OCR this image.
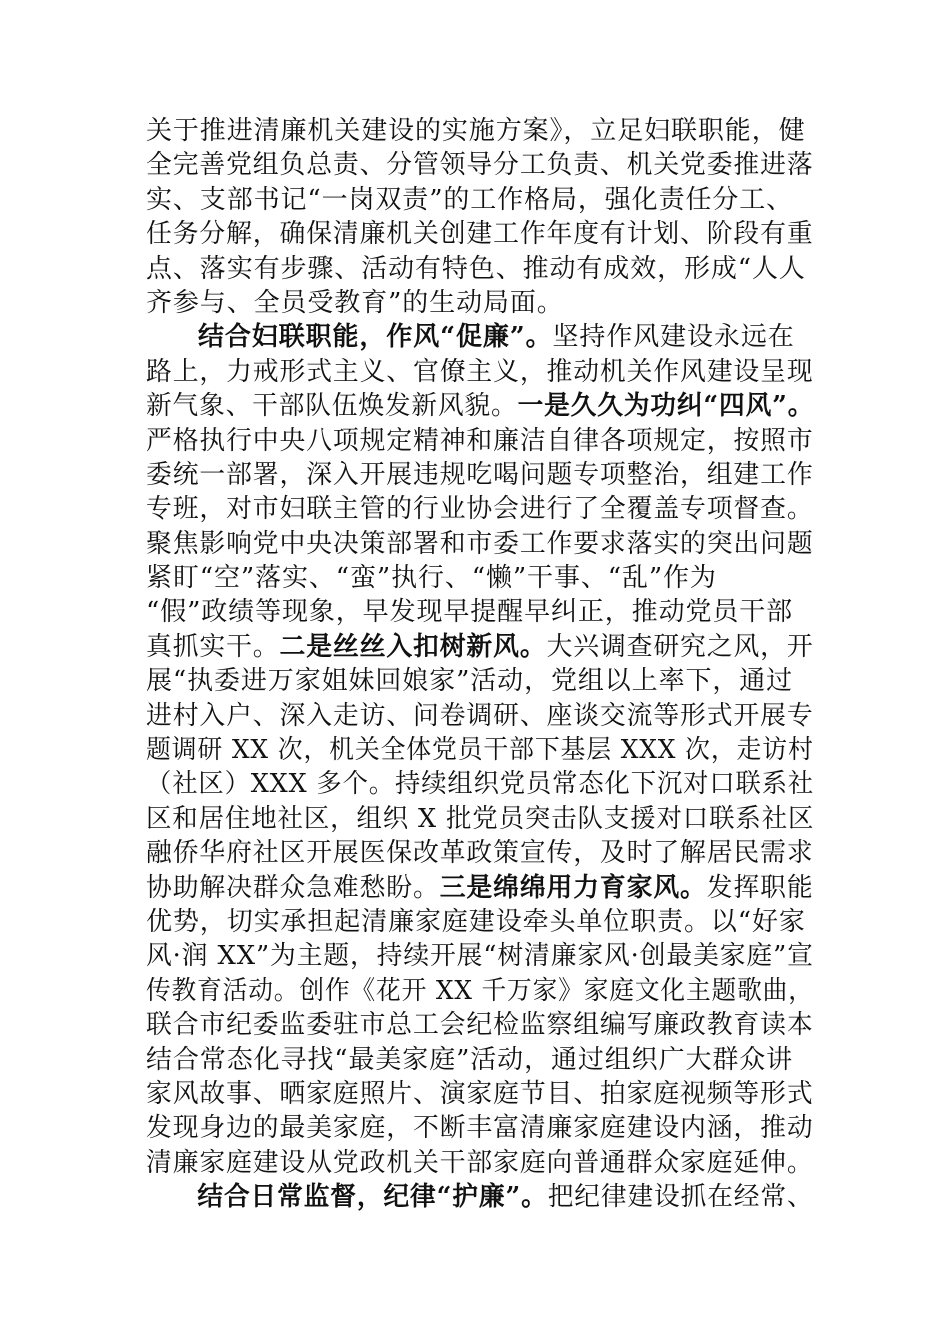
关于推进清廉机关建设的实施方案》，立足妇联职能，健
全完善党组负总责、分管领导分工负责、机关党委推进落
实、支部书记“一岗双责”的工作格局，强化责任分工、
任务分解，确保清廉机关创建工作年度有计划、阶段有重
点、落实有步骤、活动有特色、推动有成效，形成“人人
齐参与、全员受教育”的生动局面。
结合妇联职能，作风“促廉”。坚持作风建设永远在
路上，力戒形式主义、官僚主义，推动机关作风建设呈现
新气象、干部队伍焕发新风貌。一是久久为功纠“四风”。
严格执行中央八项规定精神和廉洁自律各项规定，按照市
委统一部署，深入开展违规吃喝问题专项整治，组建工作
专班，对市妇联主管的行业协会进行了全覆盖专项督查。
聚焦影响党中央决策部署和市委工作要求落实的突出问题
紧盯“空”落实、“蛮”执行、“懒”干事、“乱”作为
“假”政绩等现象，早发现早提醒早纠正，推动党员干部
真抓实干。二是丝丝入扣树新风。大兴调查研究之风，开
展“执委进万家姐妹回娘家”活动，党组以上率下，通过
进村入户、深入走访、问卷调研、座谈交流等形式开展专
题调研 XX 次，机关全体党员干部下基层 XXX 次，走访村
（社区）XXX 多个。持续组织党员常态化下沉对口联系社
区和居住地社区，组织 X 批党员突击队支援对口联系社区
融侨华府社区开展医保改革政策宣传，及时了解居民需求
协助解决群众急难愁盼。三是绵绵用力育家风。发挥职能
优势，切实承担起清廉家庭建设牵头单位职责。以“好家
风·润 XX”为主题，持续开展“树清廉家风·创最美家庭”宣
传教育活动。创作《花开 XX 千万家》家庭文化主题歌曲，
联合市纪委监委驻市总工会纪检监察组编写廉政教育读本
结合常态化寻找“最美家庭”活动，通过组织广大群众讲
家风故事、晒家庭照片、演家庭节目、拍家庭视频等形式
发现身边的最美家庭，不断丰富清廉家庭建设内涵，推动
清廉家庭建设从党政机关干部家庭向普通群众家庭延伸。
结合日常监督，纪律“护廉”。把纪律建设抓在经常、
